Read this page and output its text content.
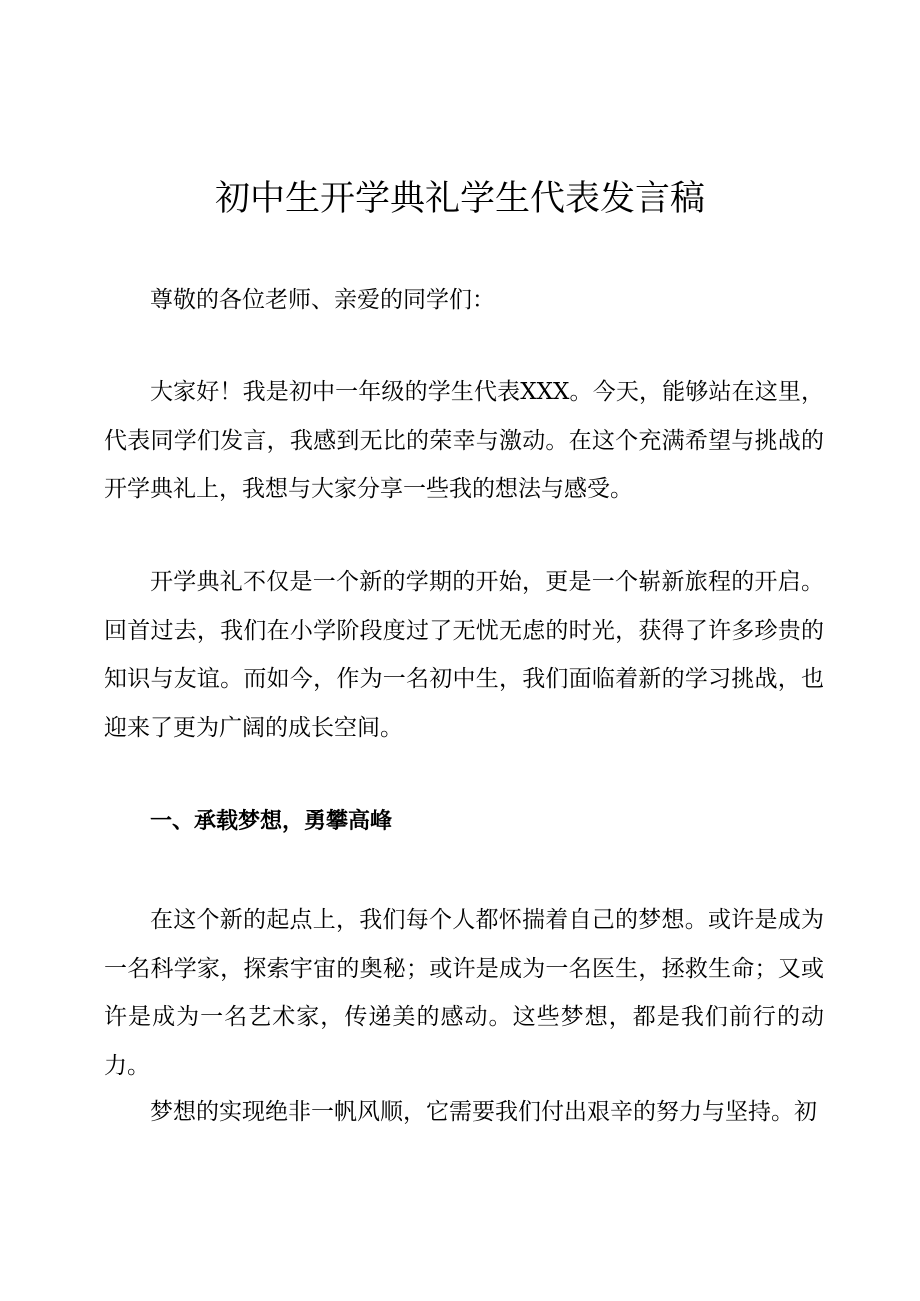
初中生开学典礼学生代表发言稿

尊敬的各位老师、亲爱的同学们：

大家好！我是初中一年级的学生代表XXX。今天，能够站在这里，代表同学们发言，我感到无比的荣幸与激动。在这个充满希望与挑战的开学典礼上，我想与大家分享一些我的想法与感受。

开学典礼不仅是一个新的学期的开始，更是一个崭新旅程的开启。回首过去，我们在小学阶段度过了无忧无虑的时光，获得了许多珍贵的知识与友谊。而如今，作为一名初中生，我们面临着新的学习挑战，也迎来了更为广阔的成长空间。

一、承载梦想，勇攀高峰

在这个新的起点上，我们每个人都怀揣着自己的梦想。或许是成为一名科学家，探索宇宙的奥秘；或许是成为一名医生，拯救生命；又或许是成为一名艺术家，传递美的感动。这些梦想，都是我们前行的动力。

梦想的实现绝非一帆风顺，它需要我们付出艰辛的努力与坚持。初
